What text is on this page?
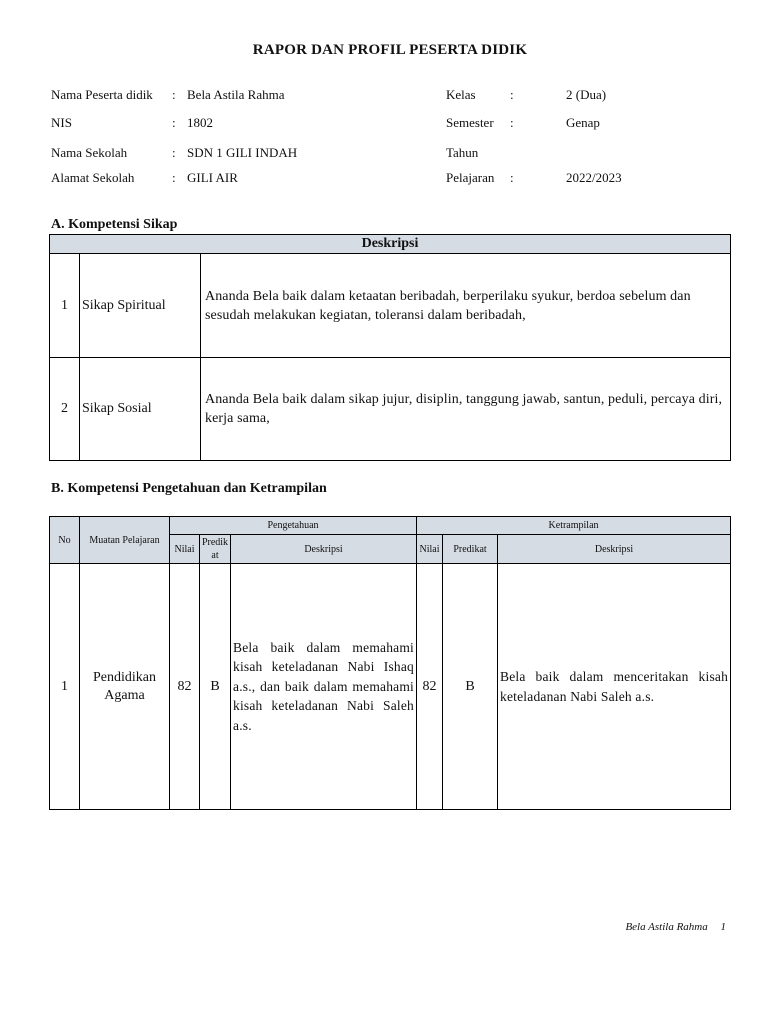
RAPOR DAN PROFIL PESERTA DIDIK
Nama Peserta didik : Bela Astila Rahma
NIS	: 1802
Nama Sekolah	: SDN 1 GILI INDAH
Alamat Sekolah	: GILI AIR
Kelas	:	2 (Dua)
Semester :	Genap
Tahun
Pelajaran :	2022/2023
A. Kompetensi Sikap
Deskripsi		
1	Sikap Spiritual	Ananda Bela baik dalam ketaatan beribadah, berperilaku syukur, berdoa sebelum dan sesudah melakukan kegiatan, toleransi dalam beribadah,
2	Sikap Sosial	Ananda Bela baik dalam sikap jujur, disiplin, tanggung jawab, santun, peduli, percaya diri, kerja sama,
B. Kompetensi Pengetahuan dan Ketrampilan
No	Muatan Pelajaran	Pengetahuan			Ketrampilan		
		Nilai	Predikat	Deskripsi	Nilai	Predikat	Deskripsi
1	Pendidikan Agama	82	B	Bela baik dalam memahami kisah keteladanan Nabi Ishaq a.s., dan baik dalam memahami kisah keteladanan Nabi Saleh a.s.	82	B	Bela baik dalam menceritakan kisah keteladanan Nabi Saleh a.s.
Bela Astila Rahma 1
